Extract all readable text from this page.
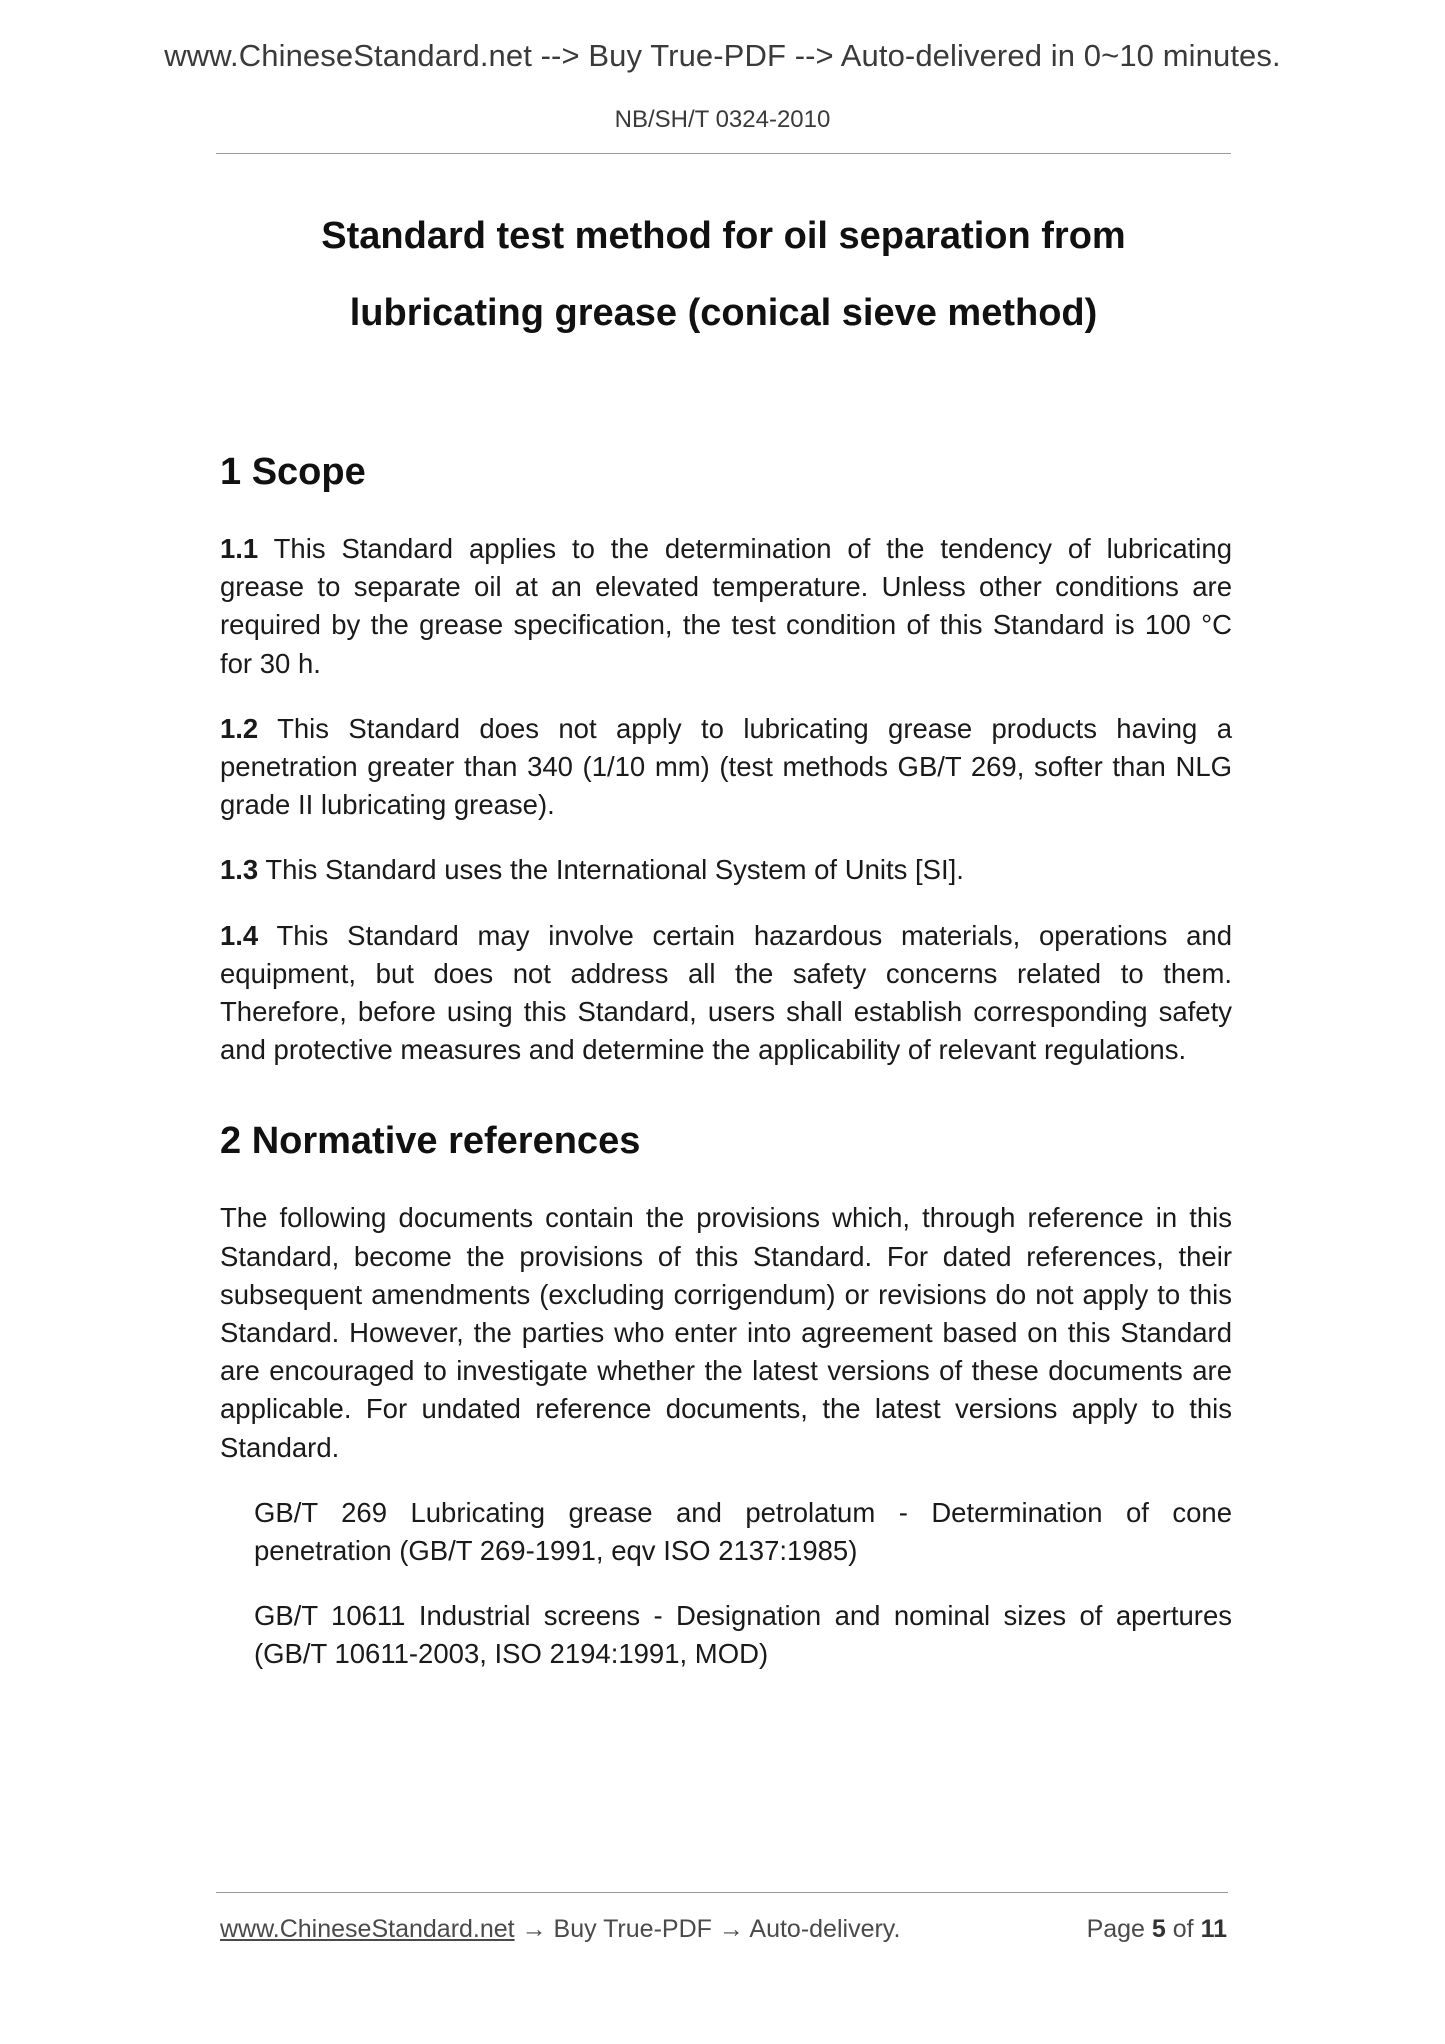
www.ChineseStandard.net --> Buy True-PDF --> Auto-delivered in 0~10 minutes.
NB/SH/T 0324-2010
Standard test method for oil separation from
lubricating grease (conical sieve method)
1 Scope

1.1 This Standard applies to the determination of the tendency of lubricating grease to separate oil at an elevated temperature. Unless other conditions are required by the grease specification, the test condition of this Standard is 100 °C for 30 h.

1.2 This Standard does not apply to lubricating grease products having a penetration greater than 340 (1/10 mm) (test methods GB/T 269, softer than NLG grade II lubricating grease).

1.3 This Standard uses the International System of Units [SI].

1.4 This Standard may involve certain hazardous materials, operations and equipment, but does not address all the safety concerns related to them. Therefore, before using this Standard, users shall establish corresponding safety and protective measures and determine the applicability of relevant regulations.

2 Normative references

The following documents contain the provisions which, through reference in this Standard, become the provisions of this Standard. For dated references, their subsequent amendments (excluding corrigendum) or revisions do not apply to this Standard. However, the parties who enter into agreement based on this Standard are encouraged to investigate whether the latest versions of these documents are applicable. For undated reference documents, the latest versions apply to this Standard.

GB/T 269 Lubricating grease and petrolatum - Determination of cone penetration (GB/T 269-1991, eqv ISO 2137:1985)

GB/T 10611 Industrial screens - Designation and nominal sizes of apertures (GB/T 10611-2003, ISO 2194:1991, MOD)

www.ChineseStandard.net → Buy True-PDF → Auto-delivery.	Page 5 of 11
